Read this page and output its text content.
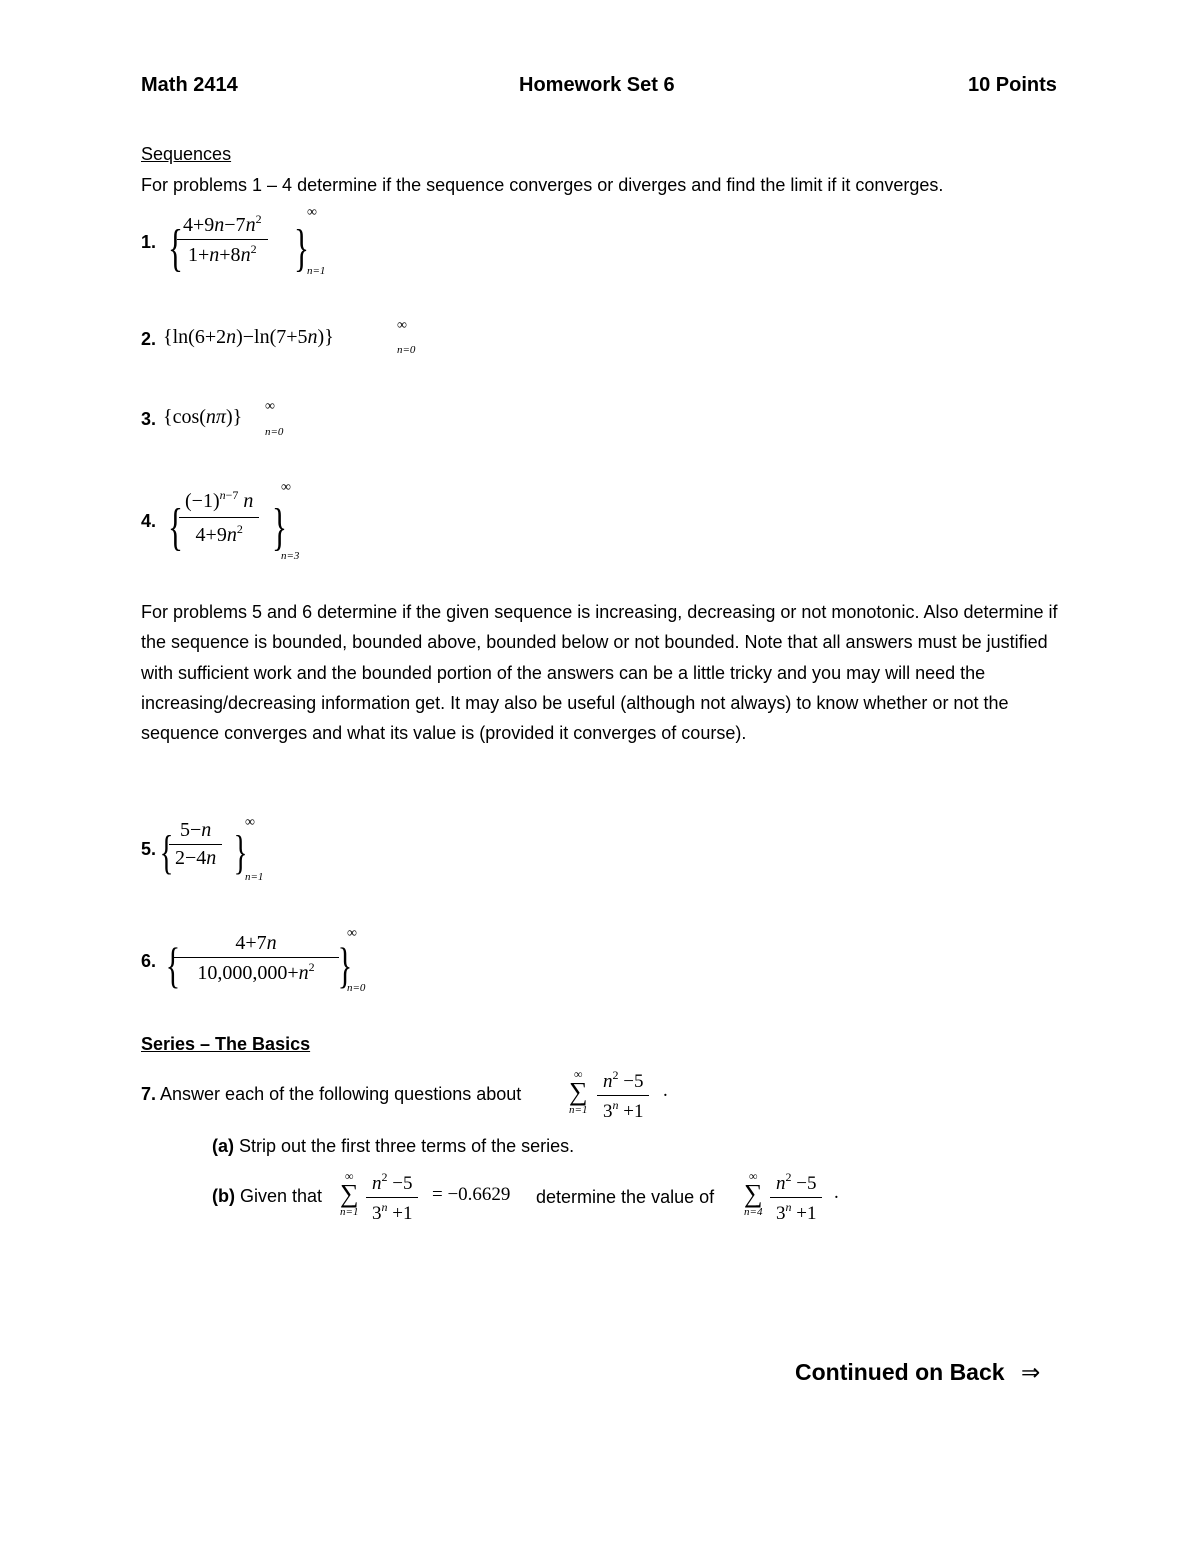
Math 2414	Homework Set 6	10 Points
Sequences
For problems 1 – 4 determine if the sequence converges or diverges and find the limit if it converges.
1. { $4+9n-7n^2$
$1+n+8n^2$ }
∞
n=1
2. {ln(6+2n)−ln(7+5n)}
∞
n=0
3. {cos(nπ)} ∞
n=0
4. { $(-1)^{n-7}$ n
$4+9n^2$ }
∞
n=3
For problems 5 and 6 determine if the given sequence is increasing, decreasing or not monotonic. Also determine if the sequence is bounded, bounded above, bounded below or not bounded. Note that all answers must be justified with sufficient work and the bounded portion of the answers can be a little tricky and you may will need the increasing/decreasing information get. It may also be useful (although not always) to know whether or not the sequence converges and what its value is (provided it converges of course).
5. { 5−n
2−4n }
∞
n=1
6. {	4+7n
$10,000,000+n^2$ }
∞
n=0
Series – The Basics
7. Answer each of the following questions about
∞
∑
n=1
$n^2 -5$
$3^n +1$
.
(a) Strip out the first three terms of the series.
(b) Given that
∞
∑
n=1
$n^2 -5$
$3^n +1$
= −0.6629 determine the value of
∞
∑
n=4
$n^2 -5$
$3^n +1$
.
Continued on Back ⇒
